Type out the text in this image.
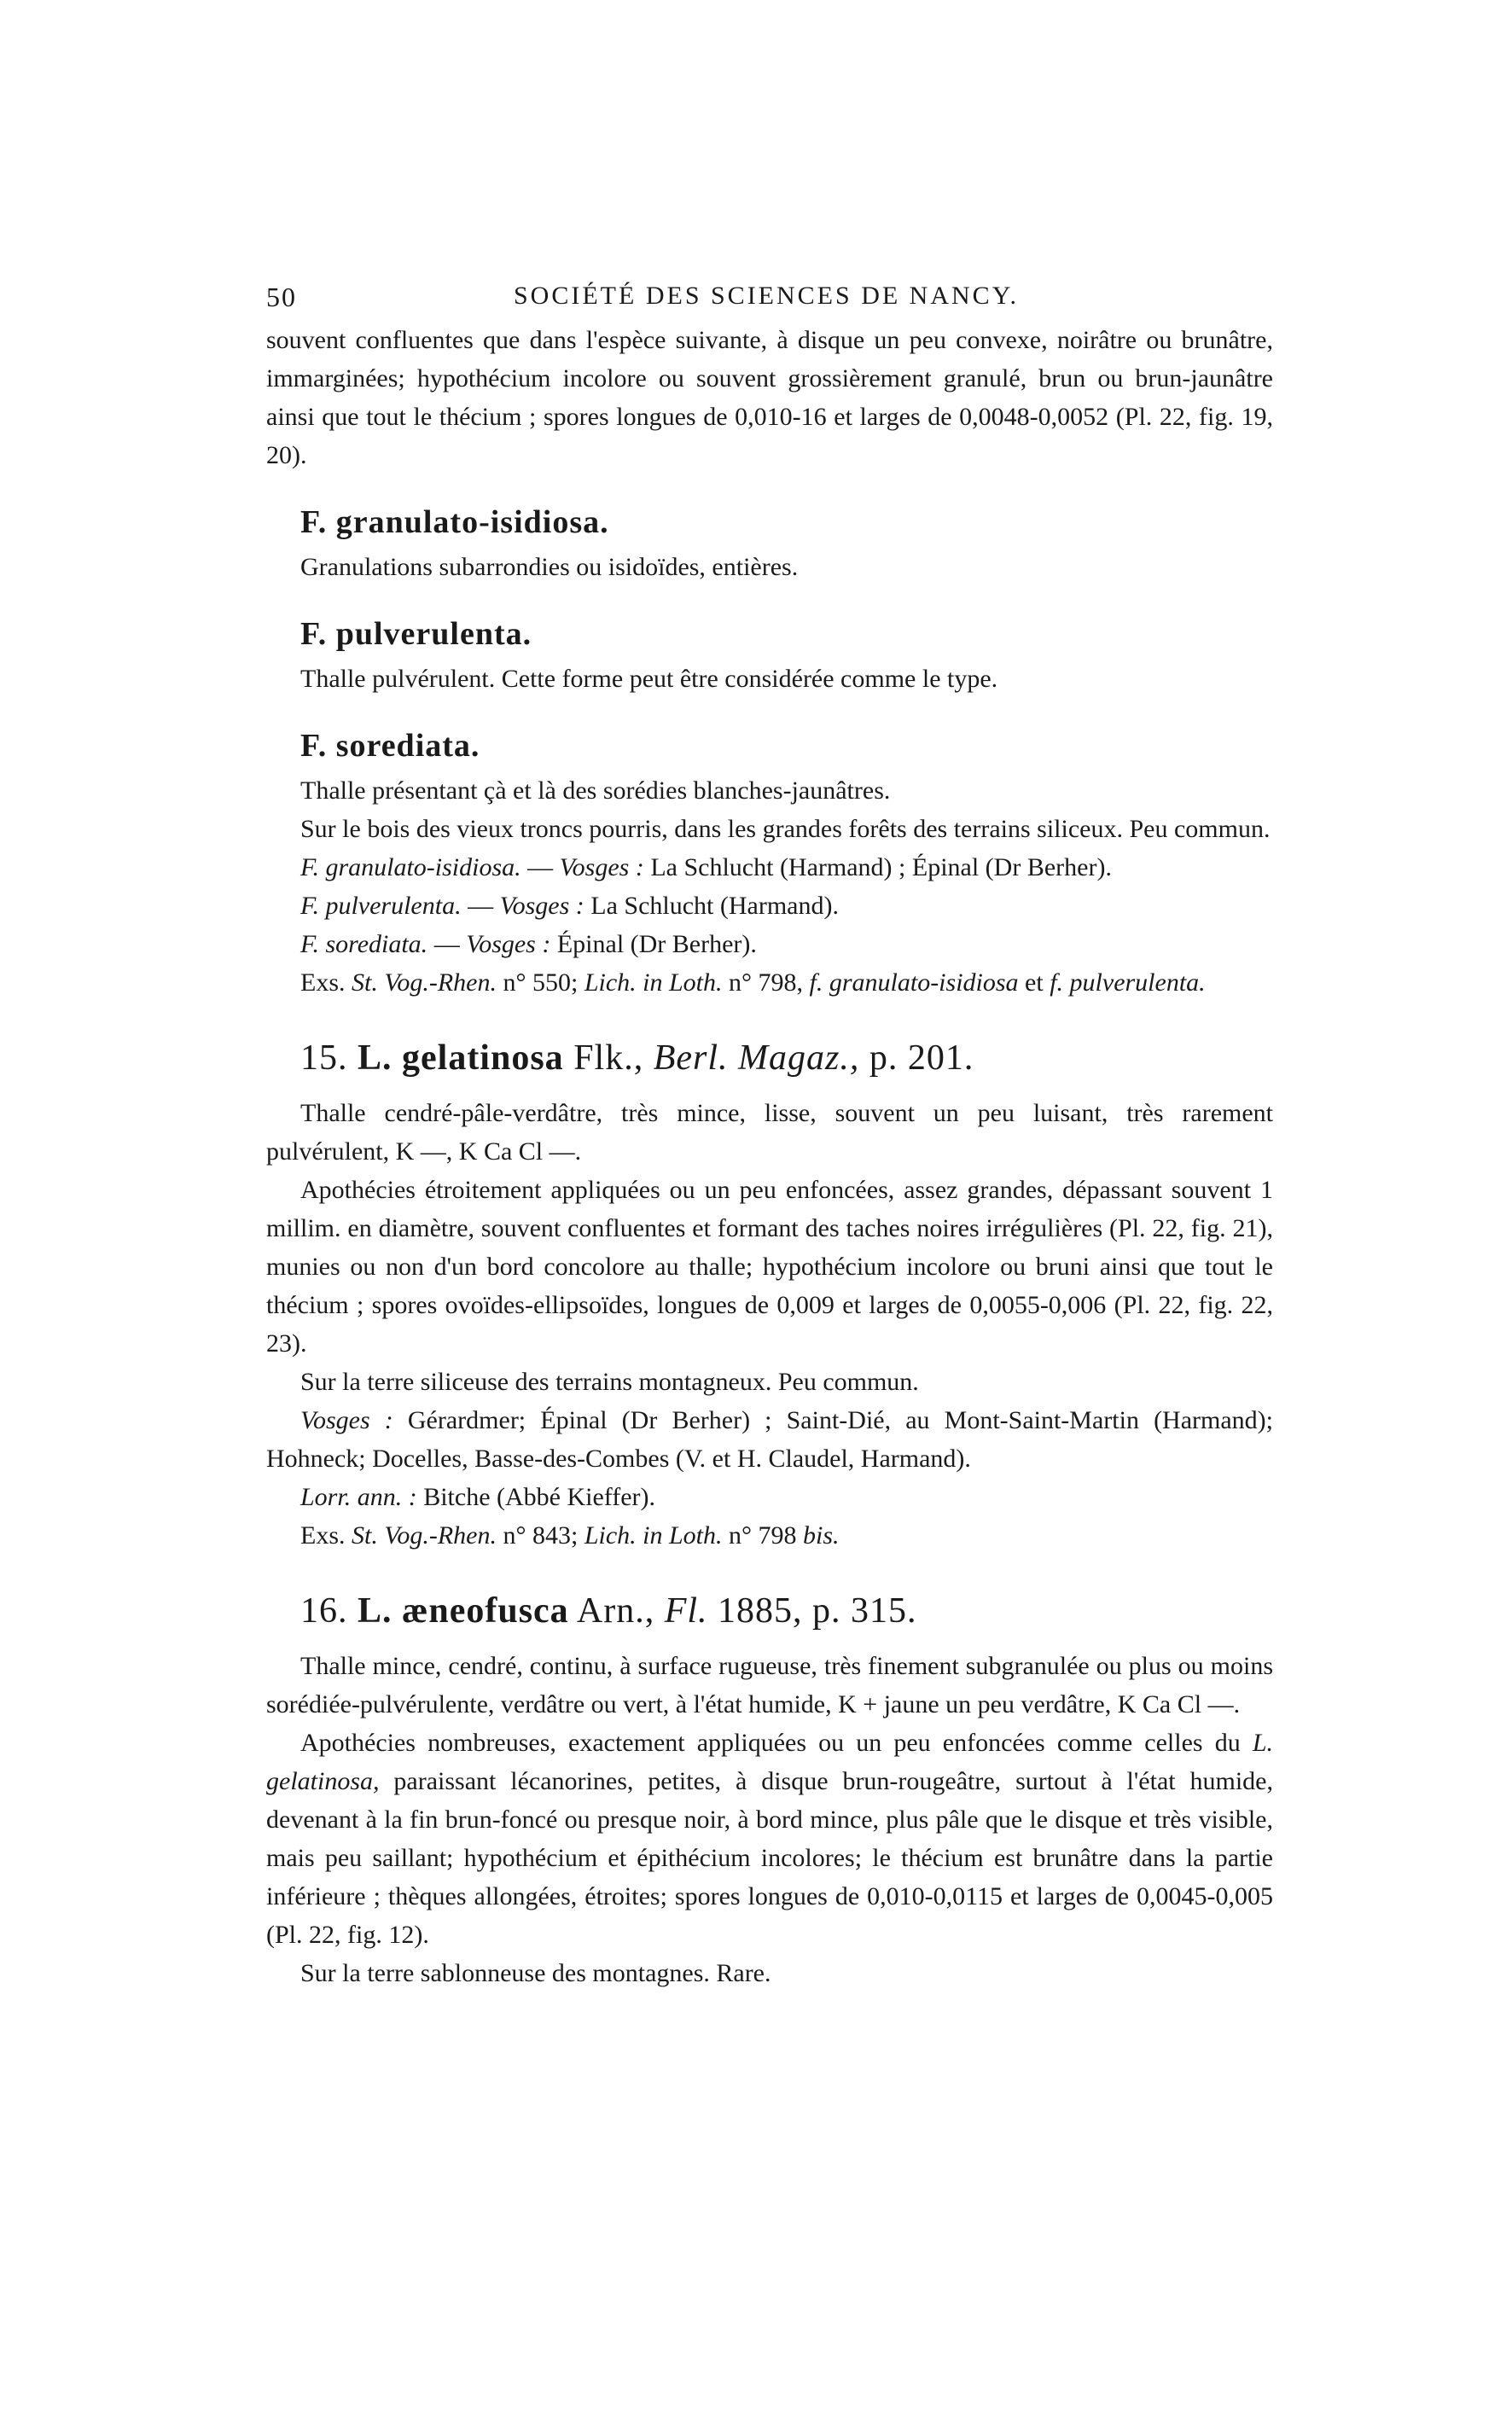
50	SOCIÉTÉ DES SCIENCES DE NANCY.

souvent confluentes que dans l'espèce suivante, à disque un peu convexe, noirâtre ou brunâtre, immarginées; hypothécium incolore ou souvent grossièrement granulé, brun ou brun-jaunâtre ainsi que tout le thécium ; spores longues de 0,010-16 et larges de 0,0048-0,0052 (Pl. 22, fig. 19, 20).

F. granulato-isidiosa.

Granulations subarrondies ou isidoïdes, entières.

F. pulverulenta.

Thalle pulvérulent. Cette forme peut être considérée comme le type.

F. sorediata.

Thalle présentant çà et là des sorédies blanches-jaunâtres.

Sur le bois des vieux troncs pourris, dans les grandes forêts des terrains siliceux. Peu commun.

F. granulato-isidiosa. — Vosges : La Schlucht (Harmand) ; Épinal (Dr Berher).

F. pulverulenta. — Vosges : La Schlucht (Harmand).

F. sorediata. — Vosges : Épinal (Dr Berher).

Exs. St. Vog.-Rhen. n° 550; Lich. in Loth. n° 798, f. granulato-isidiosa et f. pulverulenta.

15. L. gelatinosa Flk., Berl. Magaz., p. 201.

Thalle cendré-pâle-verdâtre, très mince, lisse, souvent un peu luisant, très rarement pulvérulent, K —, K Ca Cl —.

Apothécies étroitement appliquées ou un peu enfoncées, assez grandes, dépassant souvent 1 millim. en diamètre, souvent confluentes et formant des taches noires irrégulières (Pl. 22, fig. 21), munies ou non d'un bord concolore au thalle; hypothécium incolore ou bruni ainsi que tout le thécium ; spores ovoïdes-ellipsoïdes, longues de 0,009 et larges de 0,0055-0,006 (Pl. 22, fig. 22, 23).

Sur la terre siliceuse des terrains montagneux. Peu commun.

Vosges : Gérardmer; Épinal (Dr Berher) ; Saint-Dié, au Mont-Saint-Martin (Harmand); Hohneck; Docelles, Basse-des-Combes (V. et H. Claudel, Harmand).

Lorr. ann. : Bitche (Abbé Kieffer).

Exs. St. Vog.-Rhen. n° 843; Lich. in Loth. n° 798 bis.

16. L. æneofusca Arn., Fl. 1885, p. 315.

Thalle mince, cendré, continu, à surface rugueuse, très finement subgranulée ou plus ou moins sorédiée-pulvérulente, verdâtre ou vert, à l'état humide, K + jaune un peu verdâtre, K Ca Cl —.

Apothécies nombreuses, exactement appliquées ou un peu enfoncées comme celles du L. gelatinosa, paraissant lécanorines, petites, à disque brun-rougeâtre, surtout à l'état humide, devenant à la fin brun-foncé ou presque noir, à bord mince, plus pâle que le disque et très visible, mais peu saillant; hypothécium et épithécium incolores; le thécium est brunâtre dans la partie inférieure ; thèques allongées, étroites; spores longues de 0,010-0,0115 et larges de 0,0045-0,005 (Pl. 22, fig. 12).

Sur la terre sablonneuse des montagnes. Rare.
